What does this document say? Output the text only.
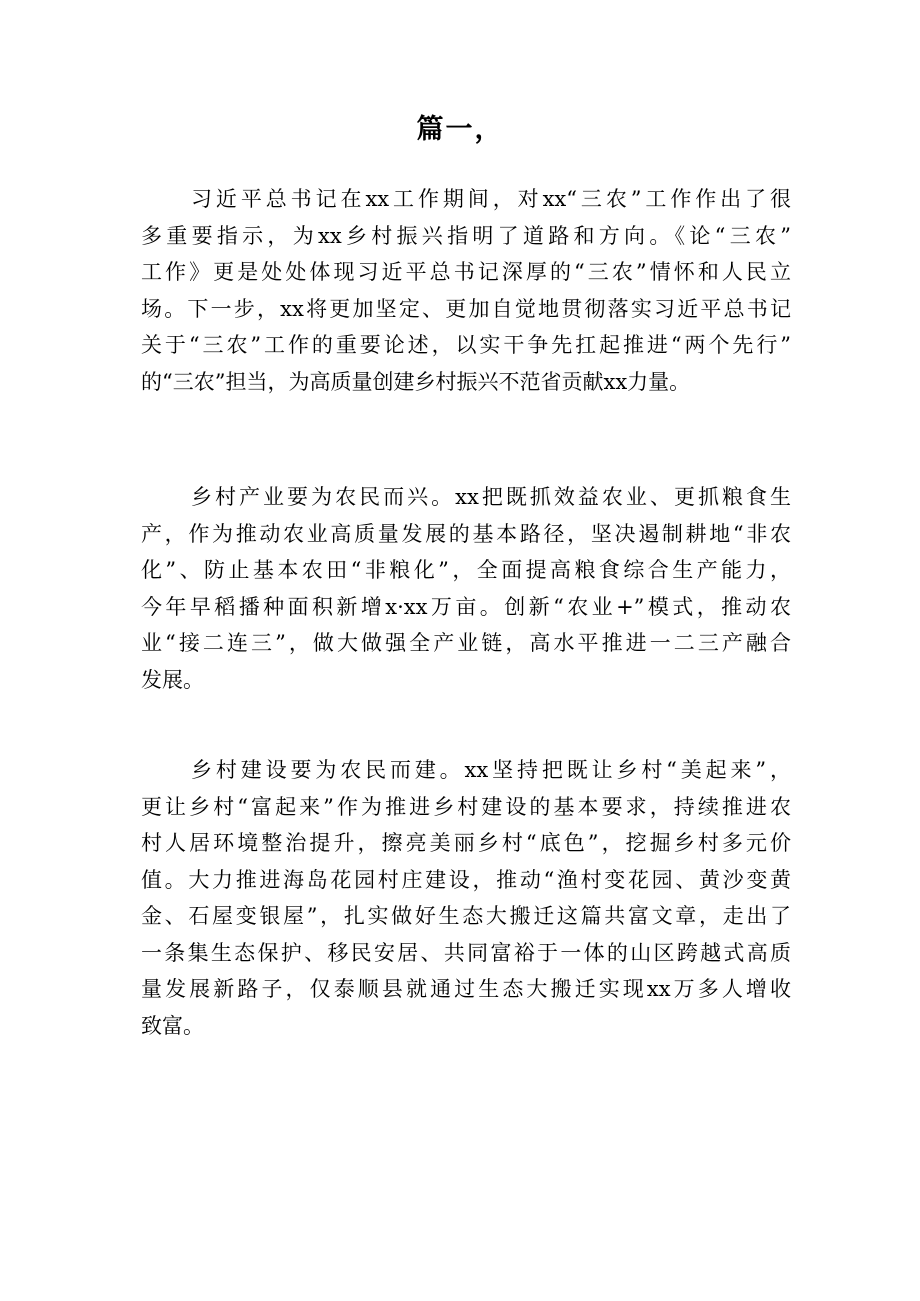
篇一，
习近平总书记在xx工作期间，对xx“三农”工作作出了很
多重要指示，为xx乡村振兴指明了道路和方向。《论“三农”
工作》更是处处体现习近平总书记深厚的“三农”情怀和人民立
场。下一步，xx将更加坚定、更加自觉地贯彻落实习近平总书记
关于“三农”工作的重要论述，以实干争先扛起推进“两个先行”
的“三农”担当，为高质量创建乡村振兴不范省贡献xx力量。
乡村产业要为农民而兴。xx把既抓效益农业、更抓粮食生
产，作为推动农业高质量发展的基本路径，坚决遏制耕地“非农
化”、防止基本农田“非粮化”，全面提高粮食综合生产能力，
今年早稻播种面积新增x·xx万亩。创新“农业+”模式，推动农
业“接二连三”，做大做强全产业链，高水平推进一二三产融合
发展。
乡村建设要为农民而建。xx坚持把既让乡村“美起来”，
更让乡村“富起来”作为推进乡村建设的基本要求，持续推进农
村人居环境整治提升，擦亮美丽乡村“底色”，挖掘乡村多元价
值。大力推进海岛花园村庄建设，推动“渔村变花园、黄沙变黄
金、石屋变银屋”，扎实做好生态大搬迁这篇共富文章，走出了
一条集生态保护、移民安居、共同富裕于一体的山区跨越式高质
量发展新路子，仅泰顺县就通过生态大搬迁实现xx万多人增收
致富。
